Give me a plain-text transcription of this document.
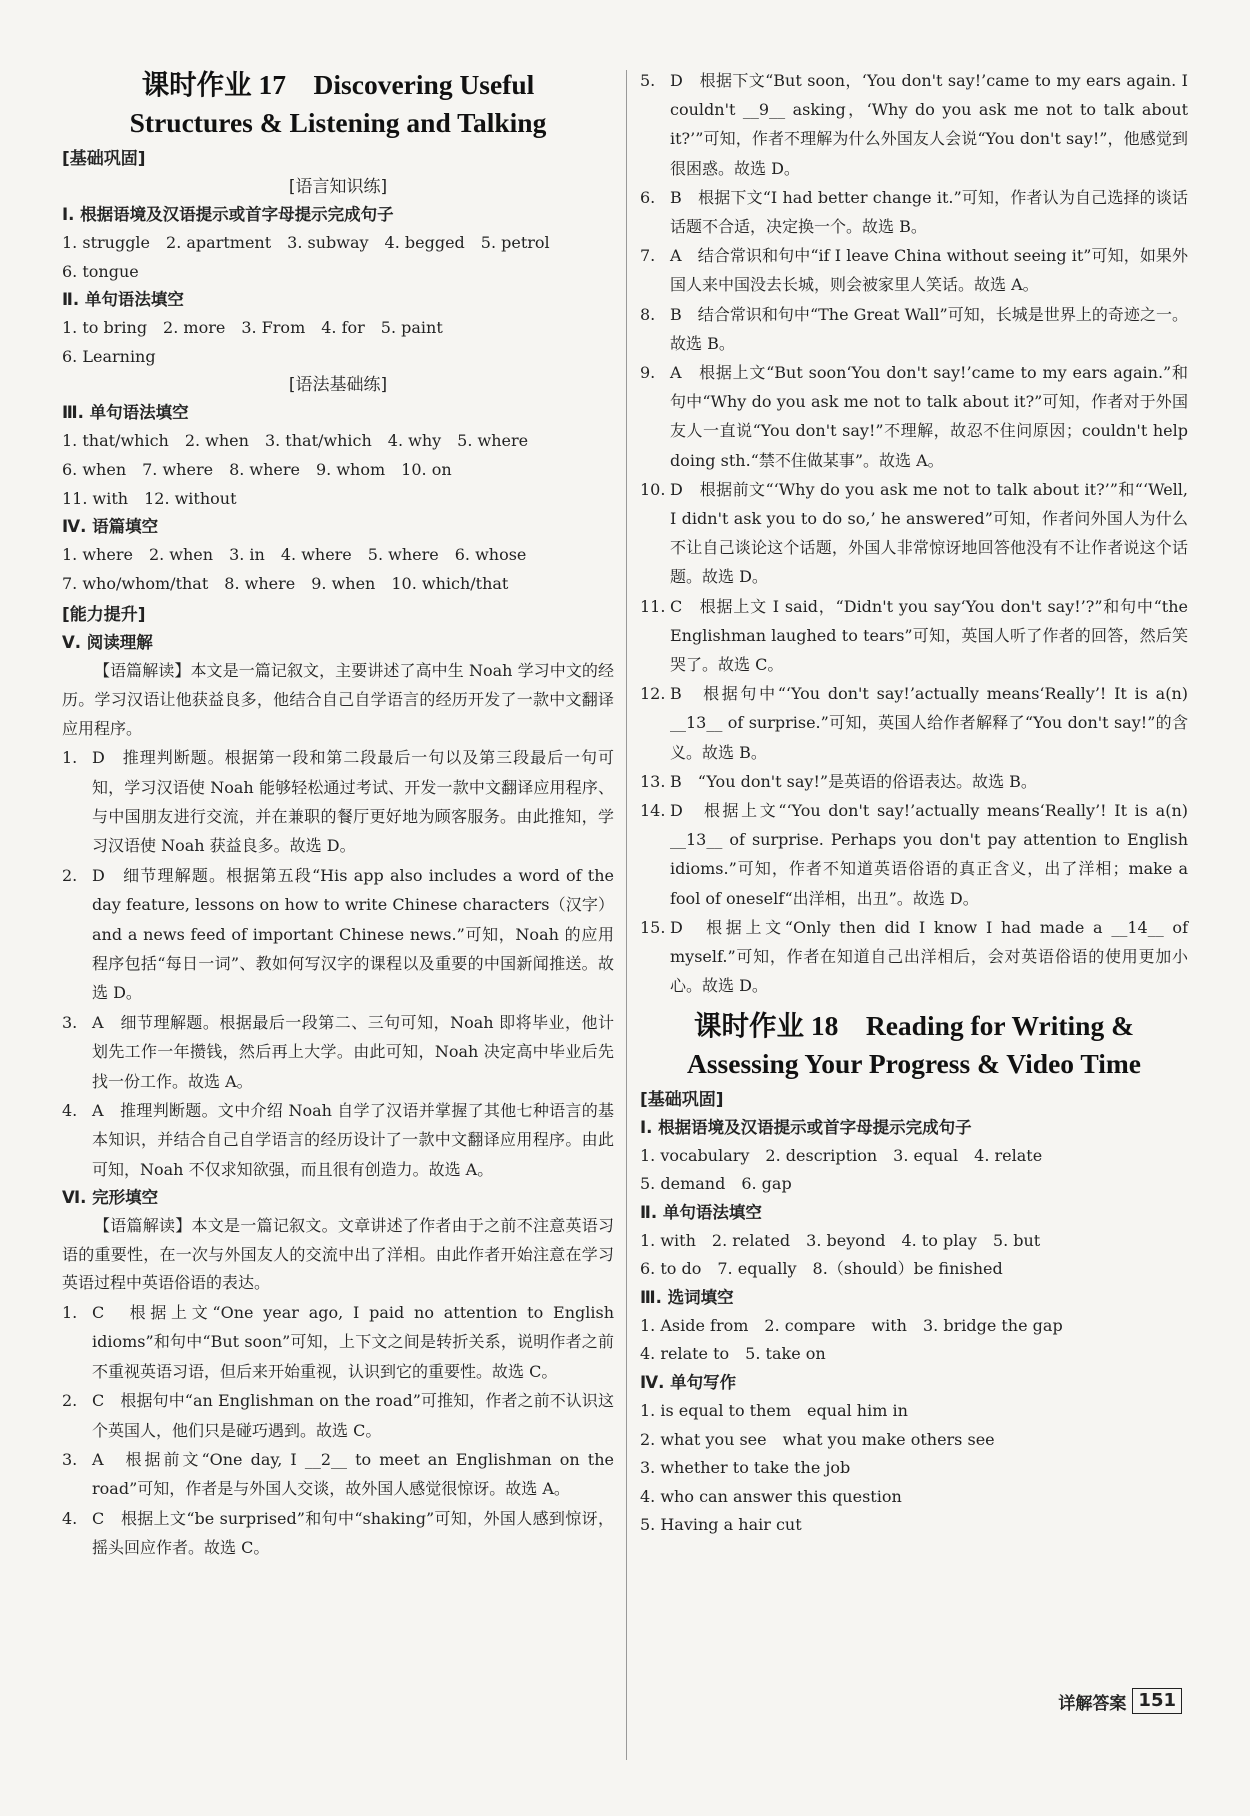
课时作业 17　Discovering Useful
Structures & Listening and Talking
[基础巩固]
[语言知识练]
Ⅰ. 根据语境及汉语提示或首字母提示完成句子
1. struggle　2. apartment　3. subway　4. begged　5. petrol
6. tongue
Ⅱ. 单句语法填空
1. to bring　2. more　3. From　4. for　5. paint
6. Learning
[语法基础练]
Ⅲ. 单句语法填空
1. that/which　2. when　3. that/which　4. why　5. where
6. when　7. where　8. where　9. whom　10. on
11. with　12. without
Ⅳ. 语篇填空
1. where　2. when　3. in　4. where　5. where　6. whose
7. who/whom/that　8. where　9. when　10. which/that
[能力提升]
Ⅴ. 阅读理解
【语篇解读】本文是一篇记叙文，主要讲述了高中生 Noah 学习中文的经历。学习汉语让他获益良多，他结合自己自学语言的经历开发了一款中文翻译应用程序。
1. D　推理判断题。根据第一段和第二段最后一句以及第三段最后一句可知，学习汉语使 Noah 能够轻松通过考试、开发一款中文翻译应用程序、与中国朋友进行交流，并在兼职的餐厅更好地为顾客服务。由此推知，学习汉语使 Noah 获益良多。故选 D。
2. D　细节理解题。根据第五段“His app also includes a word of the day feature, lessons on how to write Chinese characters（汉字）and a news feed of important Chinese news.”可知，Noah 的应用程序包括“每日一词”、教如何写汉字的课程以及重要的中国新闻推送。故选 D。
3. A　细节理解题。根据最后一段第二、三句可知，Noah 即将毕业，他计划先工作一年攒钱，然后再上大学。由此可知，Noah 决定高中毕业后先找一份工作。故选 A。
4. A　推理判断题。文中介绍 Noah 自学了汉语并掌握了其他七种语言的基本知识，并结合自己自学语言的经历设计了一款中文翻译应用程序。由此可知，Noah 不仅求知欲强，而且很有创造力。故选 A。
Ⅵ. 完形填空
【语篇解读】本文是一篇记叙文。文章讲述了作者由于之前不注意英语习语的重要性，在一次与外国友人的交流中出了洋相。由此作者开始注意在学习英语过程中英语俗语的表达。
1. C　根据上文“One year ago, I paid no attention to English idioms”和句中“But soon”可知，上下文之间是转折关系，说明作者之前不重视英语习语，但后来开始重视，认识到它的重要性。故选 C。
2. C　根据句中“an Englishman on the road”可推知，作者之前不认识这个英国人，他们只是碰巧遇到。故选 C。
3. A　根据前文“One day, I __2__ to meet an Englishman on the road”可知，作者是与外国人交谈，故外国人感觉很惊讶。故选 A。
4. C　根据上文“be surprised”和句中“shaking”可知，外国人感到惊讶，摇头回应作者。故选 C。
5. D　根据下文“But soon，‘You don't say!’came to my ears again. I couldn't __9__ asking，‘Why do you ask me not to talk about it?’”可知，作者不理解为什么外国友人会说“You don't say!”，他感觉到很困惑。故选 D。
6. B　根据下文“I had better change it.”可知，作者认为自己选择的谈话话题不合适，决定换一个。故选 B。
7. A　结合常识和句中“if I leave China without seeing it”可知，如果外国人来中国没去长城，则会被家里人笑话。故选 A。
8. B　结合常识和句中“The Great Wall”可知，长城是世界上的奇迹之一。故选 B。
9. A　根据上文“But soon‘You don't say!’came to my ears again.”和句中“Why do you ask me not to talk about it?”可知，作者对于外国友人一直说“You don't say!”不理解，故忍不住问原因；couldn't help doing sth.“禁不住做某事”。故选 A。
10. D　根据前文“‘Why do you ask me not to talk about it?’”和“‘Well, I didn't ask you to do so,’ he answered”可知，作者问外国人为什么不让自己谈论这个话题，外国人非常惊讶地回答他没有不让作者说这个话题。故选 D。
11. C　根据上文 I said，“Didn't you say‘You don't say!’?”和句中“the Englishman laughed to tears”可知，英国人听了作者的回答，然后笑哭了。故选 C。
12. B　根据句中“‘You don't say!’actually means‘Really’! It is a(n) __13__ of surprise.”可知，英国人给作者解释了“You don't say!”的含义。故选 B。
13. B　“You don't say!”是英语的俗语表达。故选 B。
14. D　根据上文“‘You don't say!’actually means‘Really’! It is a(n) __13__ of surprise. Perhaps you don't pay attention to English idioms.”可知，作者不知道英语俗语的真正含义，出了洋相；make a fool of oneself“出洋相，出丑”。故选 D。
15. D　根据上文“Only then did I know I had made a __14__ of myself.”可知，作者在知道自己出洋相后，会对英语俗语的使用更加小心。故选 D。
课时作业 18　Reading for Writing &
Assessing Your Progress & Video Time
[基础巩固]
Ⅰ. 根据语境及汉语提示或首字母提示完成句子
1. vocabulary　2. description　3. equal　4. relate
5. demand　6. gap
Ⅱ. 单句语法填空
1. with　2. related　3. beyond　4. to play　5. but
6. to do　7. equally　8.（should）be finished
Ⅲ. 选词填空
1. Aside from　2. compare　with　3. bridge the gap
4. relate to　5. take on
Ⅳ. 单句写作
1. is equal to them　equal him in
2. what you see　what you make others see
3. whether to take the job
4. who can answer this question
5. Having a hair cut
详解答案 151
